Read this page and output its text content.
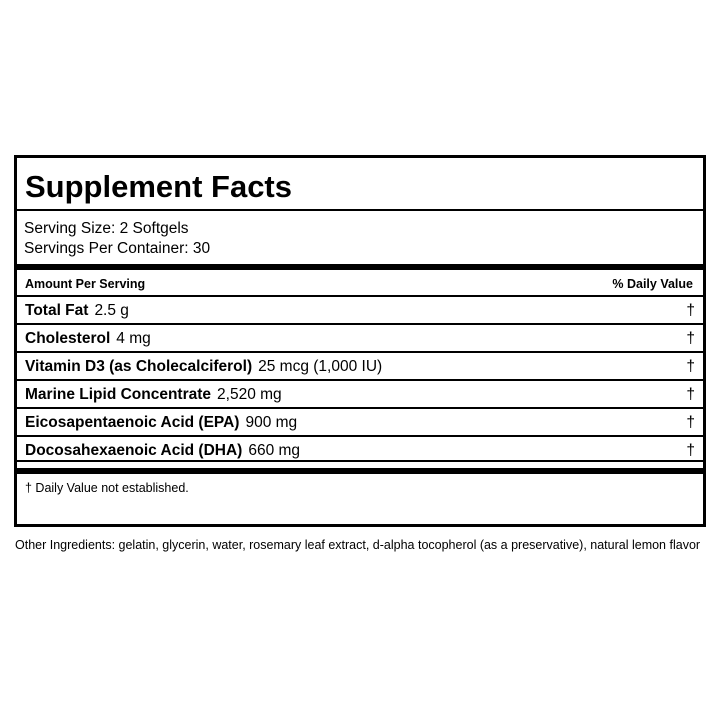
Supplement Facts
Serving Size: 2 Softgels
Servings Per Container: 30
Amount Per Serving	% Daily Value
Total Fat 2.5 g	†
Cholesterol 4 mg	†
Vitamin D3 (as Cholecalciferol) 25 mcg (1,000 IU)	†
Marine Lipid Concentrate 2,520 mg	†
Eicosapentaenoic Acid (EPA) 900 mg	†
Docosahexaenoic Acid (DHA) 660 mg	†
† Daily Value not established.
Other Ingredients: gelatin, glycerin, water, rosemary leaf extract, d-alpha tocopherol (as a preservative), natural lemon flavor
